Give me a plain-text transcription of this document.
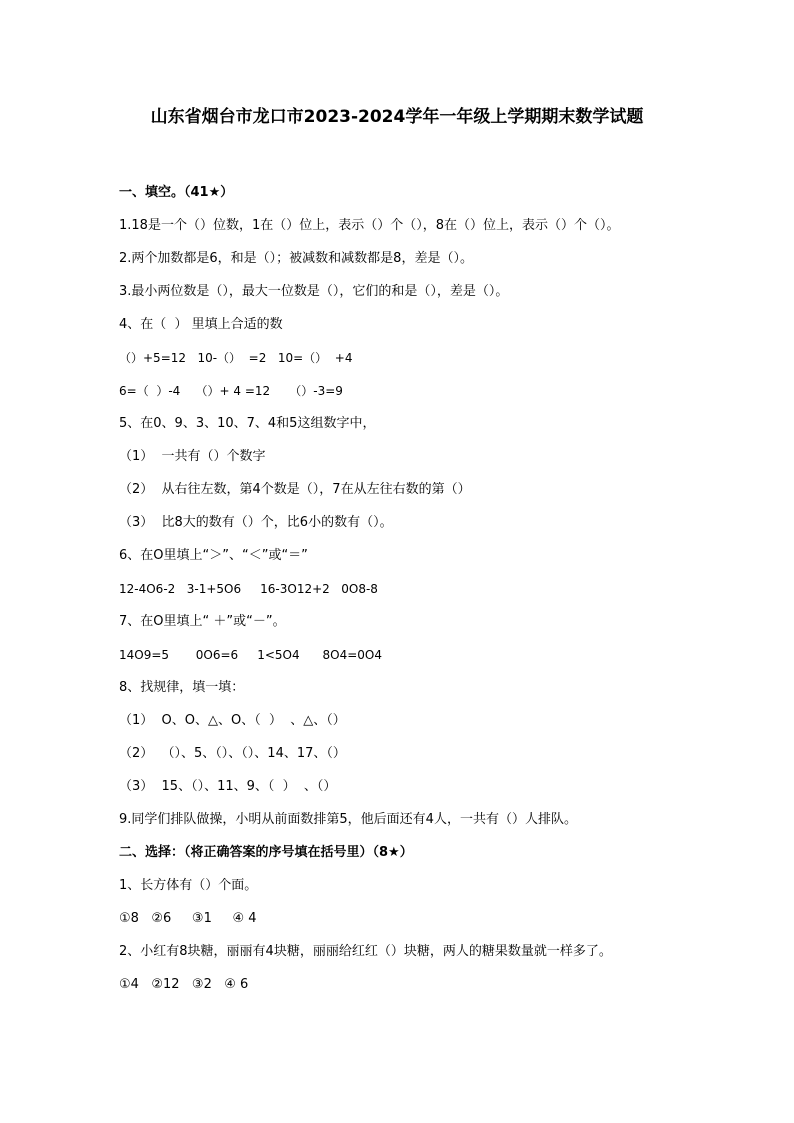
山东省烟台市龙口市2023-2024学年一年级上学期期末数学试题
一、填空。（41★）
1.18是一个（）位数，1在（）位上，表示（）个（），8在（）位上，表示（）个（）。
2.两个加数都是6，和是（）；被减数和减数都是8，差是（）。
3.最小两位数是（），最大一位数是（），它们的和是（），差是（）。
4、在（  ） 里填上合适的数
（）+5=12   10-（）  =2   10=（）  +4
6=（  ）-4    （）+ 4 =12     （）-3=9
5、在0、9、3、10、7、4和5这组数字中，
（1）  一共有（）个数字
（2）  从右往左数，第4个数是（），7在从左往右数的第（）
（3）  比8大的数有（）个，比6小的数有（）。
6、在O里填上“＞”、“＜”或“＝”
12-4O6-2   3-1+5O6     16-3O12+2   0O8-8
7、在O里填上“ ＋”或“－”。
14O9=5       0O6=6     1<5O4      8O4=0O4
8、找规律，填一填：
（1）  O、O、△、O、（  ）  、△、（）
（2）  （）、5、（）、（）、14、17、（）
（3）  15、（）、11、9、（  ）  、（）
9.同学们排队做操，小明从前面数排第5，他后面还有4人，一共有（）人排队。
二、选择：（将正确答案的序号填在括号里）（8★）
1、长方体有（）个面。
①8   ②6     ③1     ④ 4
2、小红有8块糖，丽丽有4块糖，丽丽给红红（）块糖，两人的糖果数量就一样多了。
①4   ②12   ③2   ④ 6
